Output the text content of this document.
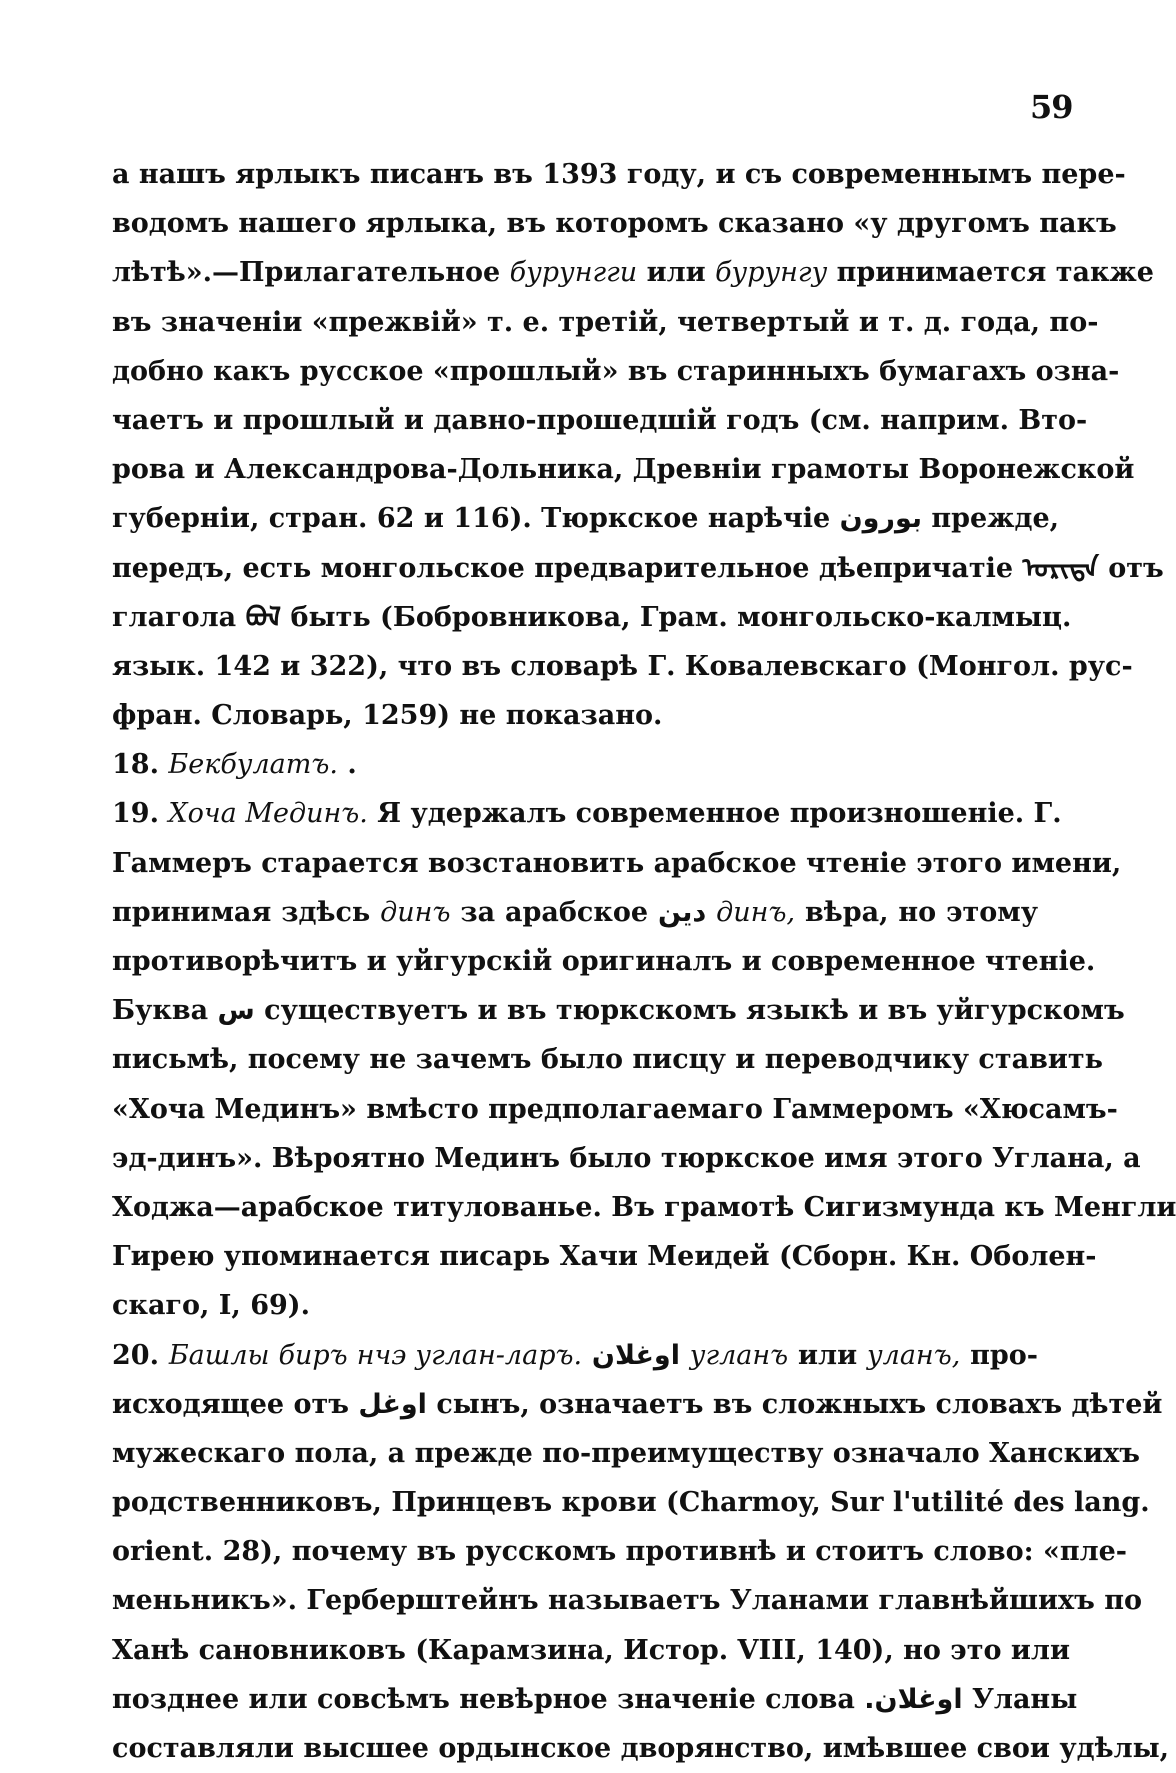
59
а нашъ ярлыкъ писанъ въ 1393 году, и съ современнымъ пере-
водомъ нашего ярлыка, въ которомъ сказано «у другомъ пакъ
лѣтѣ».—Прилагательное бурунгги или бурунгу принимается также
въ значеніи «прежвій» т. е. третій, четвертый и т. д. года, по-
добно какъ русское «прошлый» въ старинныхъ бумагахъ озна-
чаетъ и прошлый и давно-прошедшій годъ (см. наприм. Вто-
рова и Александрова-Дольника, Древніи грамоты Воронежской
губерніи, стран. 62 и 116). Тюркское нарѣчіе بورون прежде,
передъ, есть монгольское предварительное дѣепричатіе ᠤᠷᠢᠳᠠ отъ
глагола ᠪᠣᠯ быть (Бобровникова, Грам. монгольско-калмыц.
язык. 142 и 322), что въ словарѣ Г. Ковалевскаго (Монгол. рус-
фран. Словарь, 1259) не показано.
18. Бекбулатъ. .
19. Хоча Мединъ. Я удержалъ современное произношеніе. Г.
Гаммеръ старается возстановить арабское чтеніе этого имени,
принимая здѣсь динъ за арабское دين динъ, вѣра, но этому
противорѣчитъ и уйгурскій оригиналъ и современное чтеніе.
Буква س существуетъ и въ тюркскомъ языкѣ и въ уйгурскомъ
письмѣ, посему не зачемъ было писцу и переводчику ставить
«Хоча Мединъ» вмѣсто предполагаемаго Гаммеромъ «Хюсамъ-
эд-динъ». Вѣроятно Мединъ было тюркское имя этого Углана, а
Ходжа—арабское титулованье. Въ грамотѣ Сигизмунда къ Менгли
Гирею упоминается писарь Хачи Меидей (Сборн. Кн. Оболен-
скаго, I, 69).
20. Башлы биръ нчэ углан-ларъ. اوغلان угланъ или уланъ, про-
исходящее отъ اوغل сынъ, означаетъ въ сложныхъ словахъ дѣтей
мужескаго пола, а прежде по-преимуществу означало Ханскихъ
родственниковъ, Принцевъ крови (Charmoy, Sur l'utilité des lang.
orient. 28), почему въ русскомъ противнѣ и стоитъ слово: «пле-
меньникъ». Герберштейнъ называетъ Уланами главнѣйшихъ по
Ханѣ сановниковъ (Карамзина, Истор. VIII, 140), но это или
позднее или совсѣмъ невѣрное значеніе слова اوغلان. Уланы
составляли высшее ордынское дворянство, имѣвшее свои удѣлы,
